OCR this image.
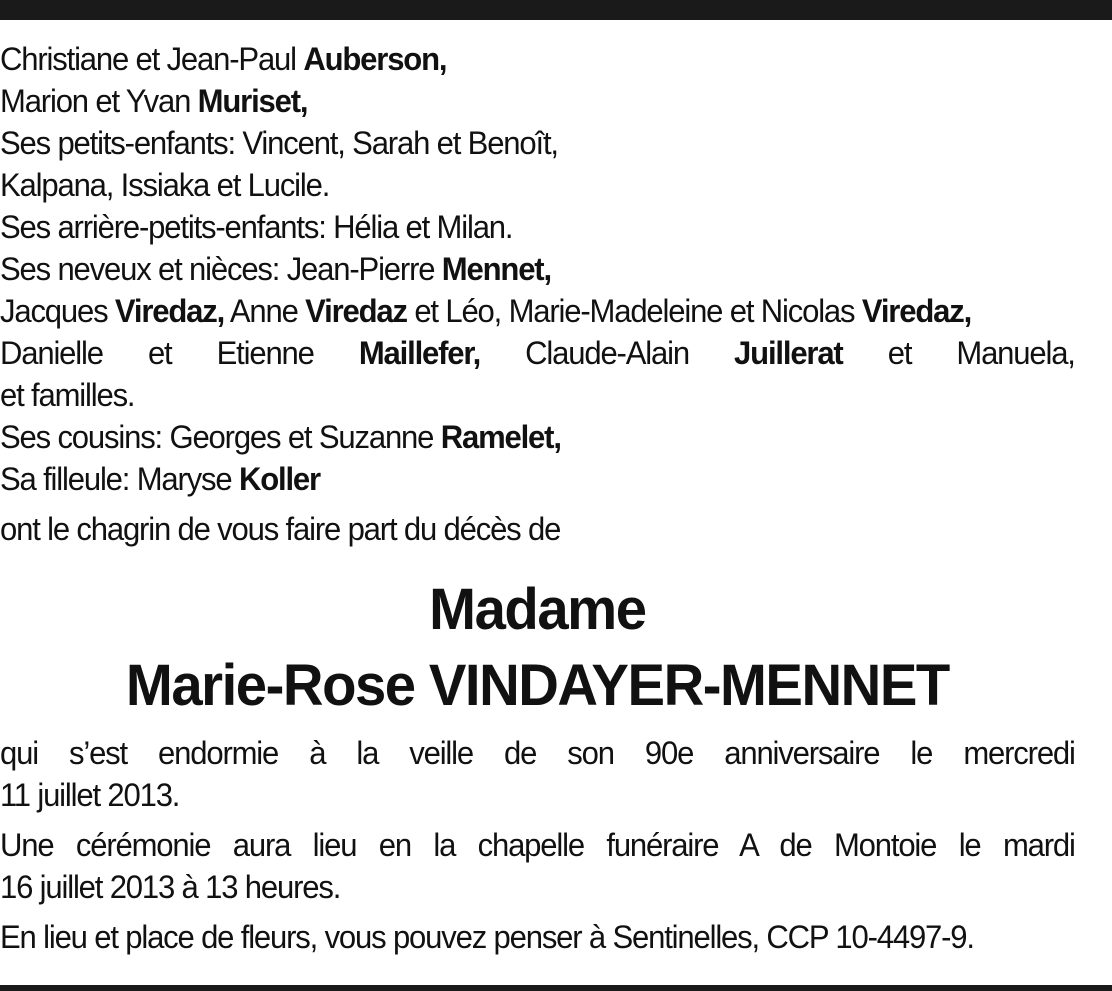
Christiane et Jean-Paul Auberson,
Marion et Yvan Muriset,
Ses petits-enfants: Vincent, Sarah et Benoît,
Kalpana, Issiaka et Lucile.
Ses arrière-petits-enfants: Hélia et Milan.
Ses neveux et nièces: Jean-Pierre Mennet,
Jacques Viredaz, Anne Viredaz et Léo, Marie-Madeleine et Nicolas Viredaz,
Danielle et Etienne Maillefer, Claude-Alain Juillerat et Manuela,
et familles.
Ses cousins: Georges et Suzanne Ramelet,
Sa filleule: Maryse Koller
ont le chagrin de vous faire part du décès de
Madame
Marie-Rose VINDAYER-MENNET
qui s’est endormie à la veille de son 90e anniversaire le mercredi
11 juillet 2013.
Une cérémonie aura lieu en la chapelle funéraire A de Montoie le mardi
16 juillet 2013 à 13 heures.
En lieu et place de fleurs, vous pouvez penser à Sentinelles, CCP 10-4497-9.
